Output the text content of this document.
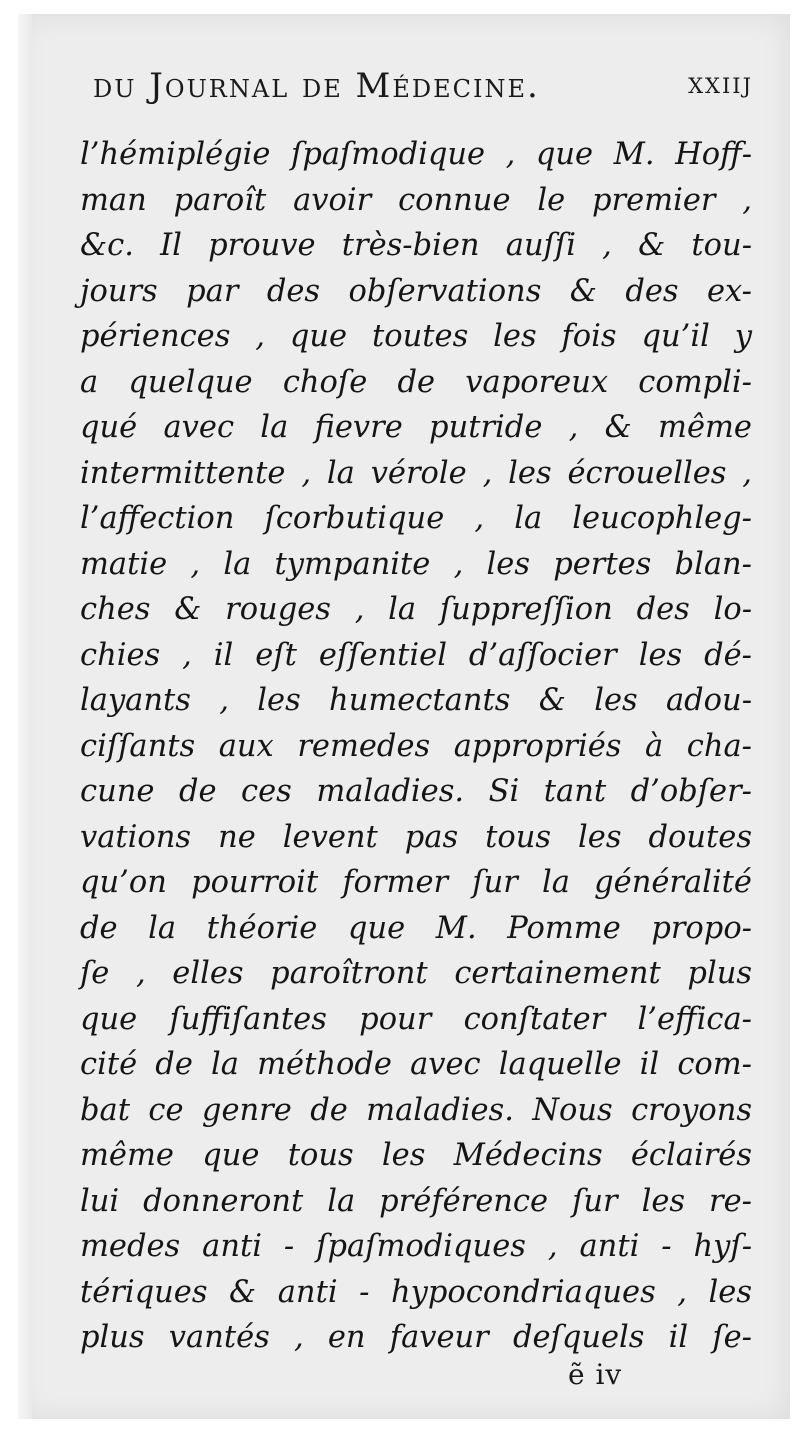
du Journal de Médecine.	xxiij
l’hémiplégie ſpaſmodique , que M. Hoff-
man paroît avoir connue le premier ,
&c. Il prouve très-bien auſſi , & tou-
jours par des obſervations & des ex-
périences , que toutes les fois qu’il y
a quelque choſe de vaporeux compli-
qué avec la fievre putride , & même
intermittente , la vérole , les écrouelles ,
l’affection ſcorbutique , la leucophleg-
matie , la tympanite , les pertes blan-
ches & rouges , la ſuppreſſion des lo-
chies , il eſt eſſentiel d’aſſocier les dé-
layants , les humectants & les adou-
ciſſants aux remedes appropriés à cha-
cune de ces maladies. Si tant d’obſer-
vations ne levent pas tous les doutes
qu’on pourroit former ſur la généralité
de la théorie que M. Pomme propo-
ſe , elles paroîtront certainement plus
que ſuffiſantes pour conſtater l’effica-
cité de la méthode avec laquelle il com-
bat ce genre de maladies. Nous croyons
même que tous les Médecins éclairés
lui donneront la préférence ſur les re-
medes anti - ſpaſmodiques , anti - hyſ-
tériques & anti - hypocondriaques , les
plus vantés , en faveur deſquels il ſe-
ẽ iv
